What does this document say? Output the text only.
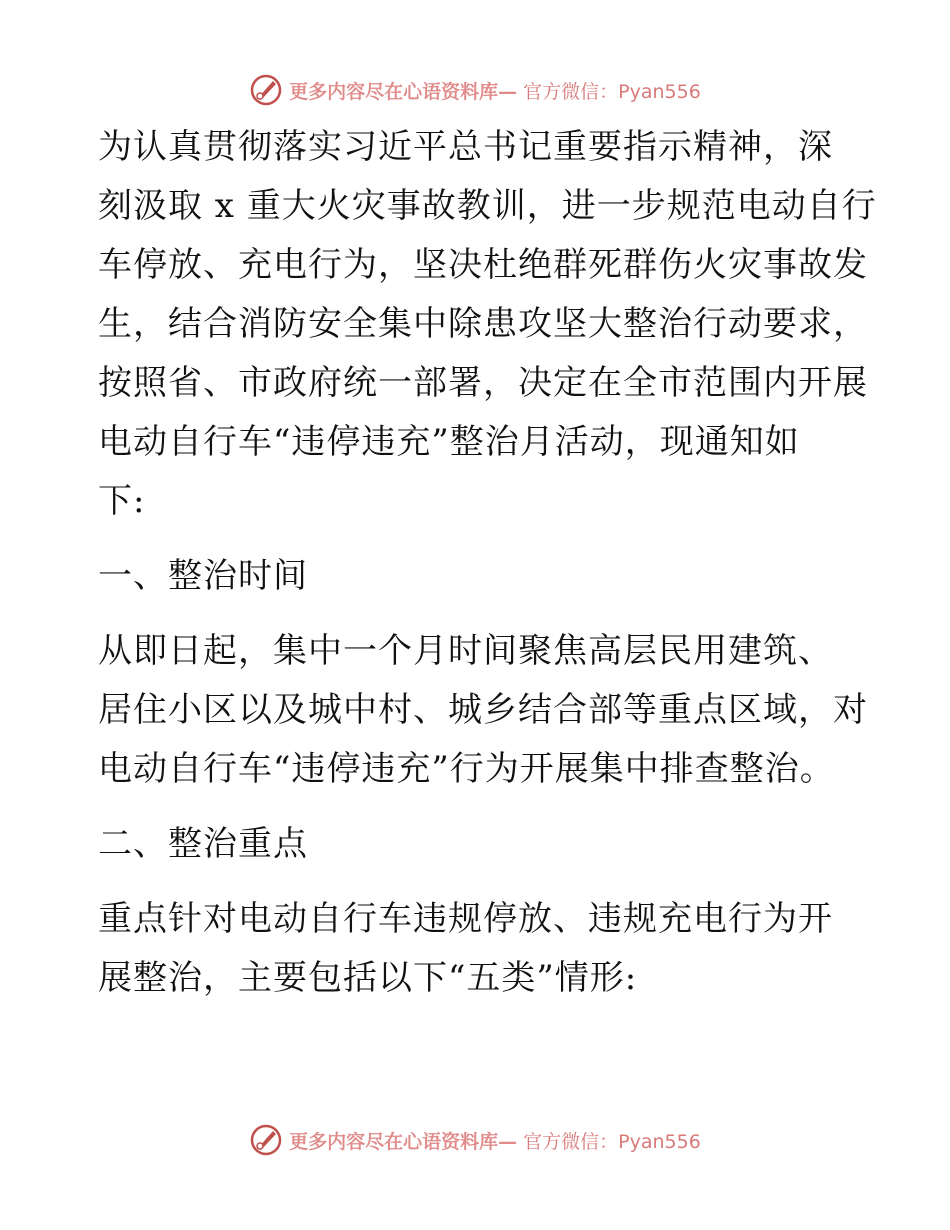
更多内容尽在心语资料库— 官方微信：Pyan556
为认真贯彻落实习近平总书记重要指示精神，深
刻汲取 x 重大火灾事故教训，进一步规范电动自行
车停放、充电行为，坚决杜绝群死群伤火灾事故发
生，结合消防安全集中除患攻坚大整治行动要求，
按照省、市政府统一部署，决定在全市范围内开展
电动自行车“违停违充”整治月活动，现通知如
下:
一、整治时间
从即日起，集中一个月时间聚焦高层民用建筑、
居住小区以及城中村、城乡结合部等重点区域，对
电动自行车“违停违充”行为开展集中排查整治。
二、整治重点
重点针对电动自行车违规停放、违规充电行为开
展整治，主要包括以下“五类”情形:
更多内容尽在心语资料库— 官方微信：Pyan556
